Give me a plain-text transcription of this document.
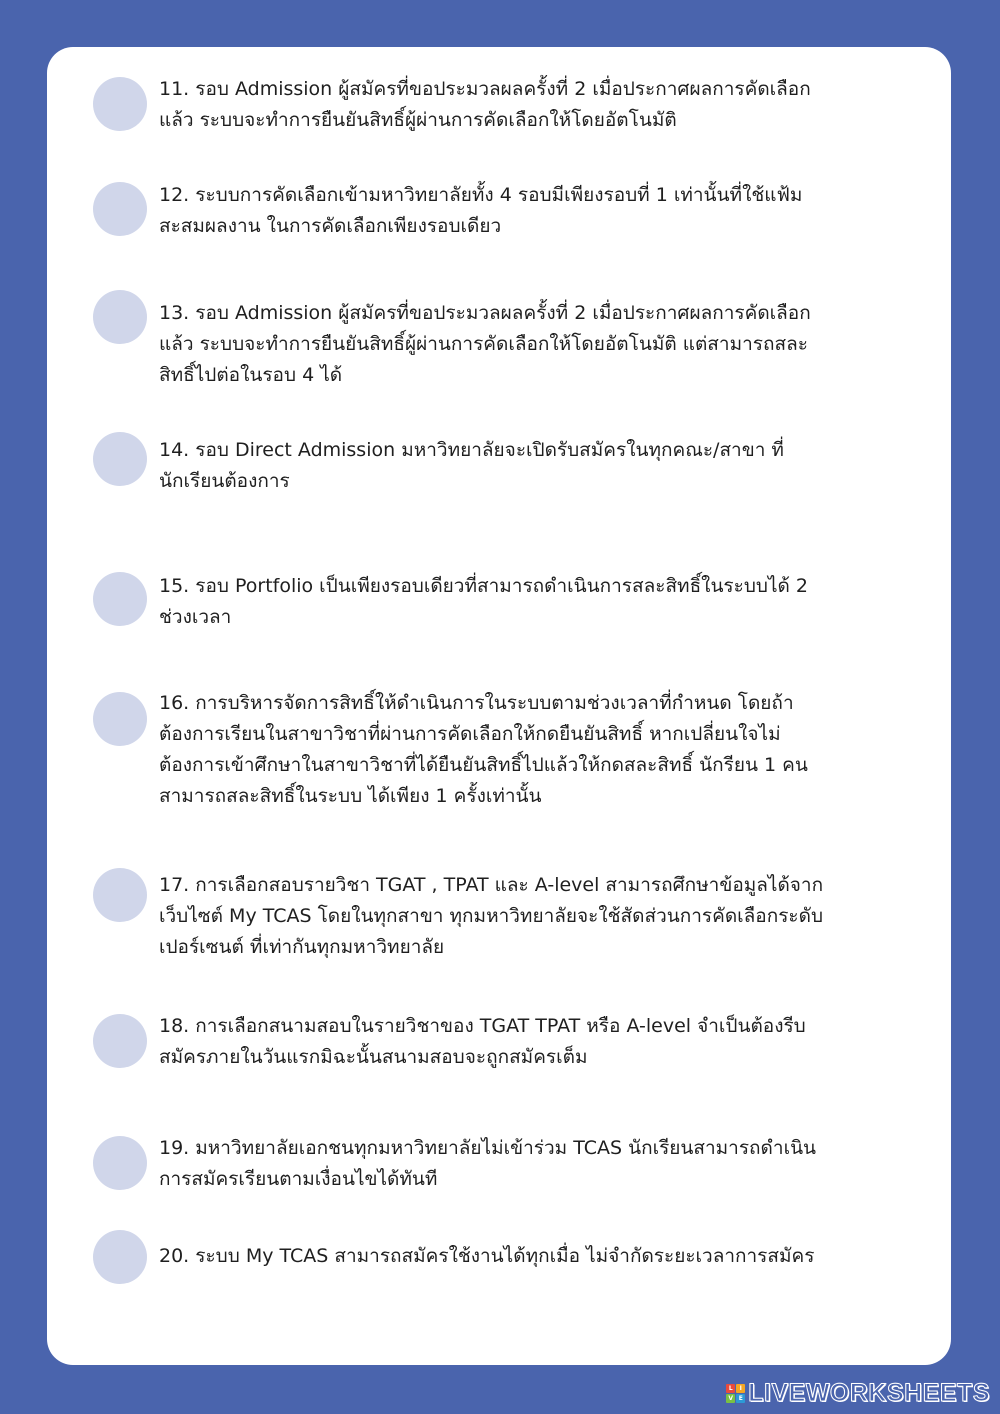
11. รอบ Admission ผู้สมัครที่ขอประมวลผลครั้งที่ 2 เมื่อประกาศผลการคัดเลือก
แล้ว ระบบจะทำการยืนยันสิทธิ์ผู้ผ่านการคัดเลือกให้โดยอัตโนมัติ
12. ระบบการคัดเลือกเข้ามหาวิทยาลัยทั้ง 4 รอบมีเพียงรอบที่ 1 เท่านั้นที่ใช้แฟ้ม
สะสมผลงาน ในการคัดเลือกเพียงรอบเดียว
13. รอบ Admission ผู้สมัครที่ขอประมวลผลครั้งที่ 2 เมื่อประกาศผลการคัดเลือก
แล้ว ระบบจะทำการยืนยันสิทธิ์ผู้ผ่านการคัดเลือกให้โดยอัตโนมัติ แต่สามารถสละ
สิทธิ์ไปต่อในรอบ 4 ได้
14. รอบ Direct Admission มหาวิทยาลัยจะเปิดรับสมัครในทุกคณะ/สาขา ที่
นักเรียนต้องการ
15. รอบ Portfolio เป็นเพียงรอบเดียวที่สามารถดำเนินการสละสิทธิ์ในระบบได้ 2
ช่วงเวลา
16. การบริหารจัดการสิทธิ์ให้ดำเนินการในระบบตามช่วงเวลาที่กำหนด โดยถ้า
ต้องการเรียนในสาขาวิชาที่ผ่านการคัดเลือกให้กดยืนยันสิทธิ์ หากเปลี่ยนใจไม่
ต้องการเข้าศึกษาในสาขาวิชาที่ได้ยืนยันสิทธิ์ไปแล้วให้กดสละสิทธิ์ นักรียน 1 คน
สามารถสละสิทธิ์ในระบบ ได้เพียง 1 ครั้งเท่านั้น
17. การเลือกสอบรายวิชา TGAT , TPAT และ A-level สามารถศึกษาข้อมูลได้จาก
เว็บไซต์ My TCAS โดยในทุกสาขา ทุกมหาวิทยาลัยจะใช้สัดส่วนการคัดเลือกระดับ
เปอร์เซนต์ ที่เท่ากันทุกมหาวิทยาลัย
18. การเลือกสนามสอบในรายวิชาของ TGAT TPAT หรือ A-level จำเป็นต้องรีบ
สมัครภายในวันแรกมิฉะนั้นสนามสอบจะถูกสมัครเต็ม
19. มหาวิทยาลัยเอกชนทุกมหาวิทยาลัยไม่เข้าร่วม TCAS นักเรียนสามารถดำเนิน
การสมัครเรียนตามเงื่อนไขได้ทันที
20. ระบบ My TCAS สามารถสมัครใช้งานได้ทุกเมื่อ ไม่จำกัดระยะเวลาการสมัคร
L	I
V E LIVEWORKSHEETS
